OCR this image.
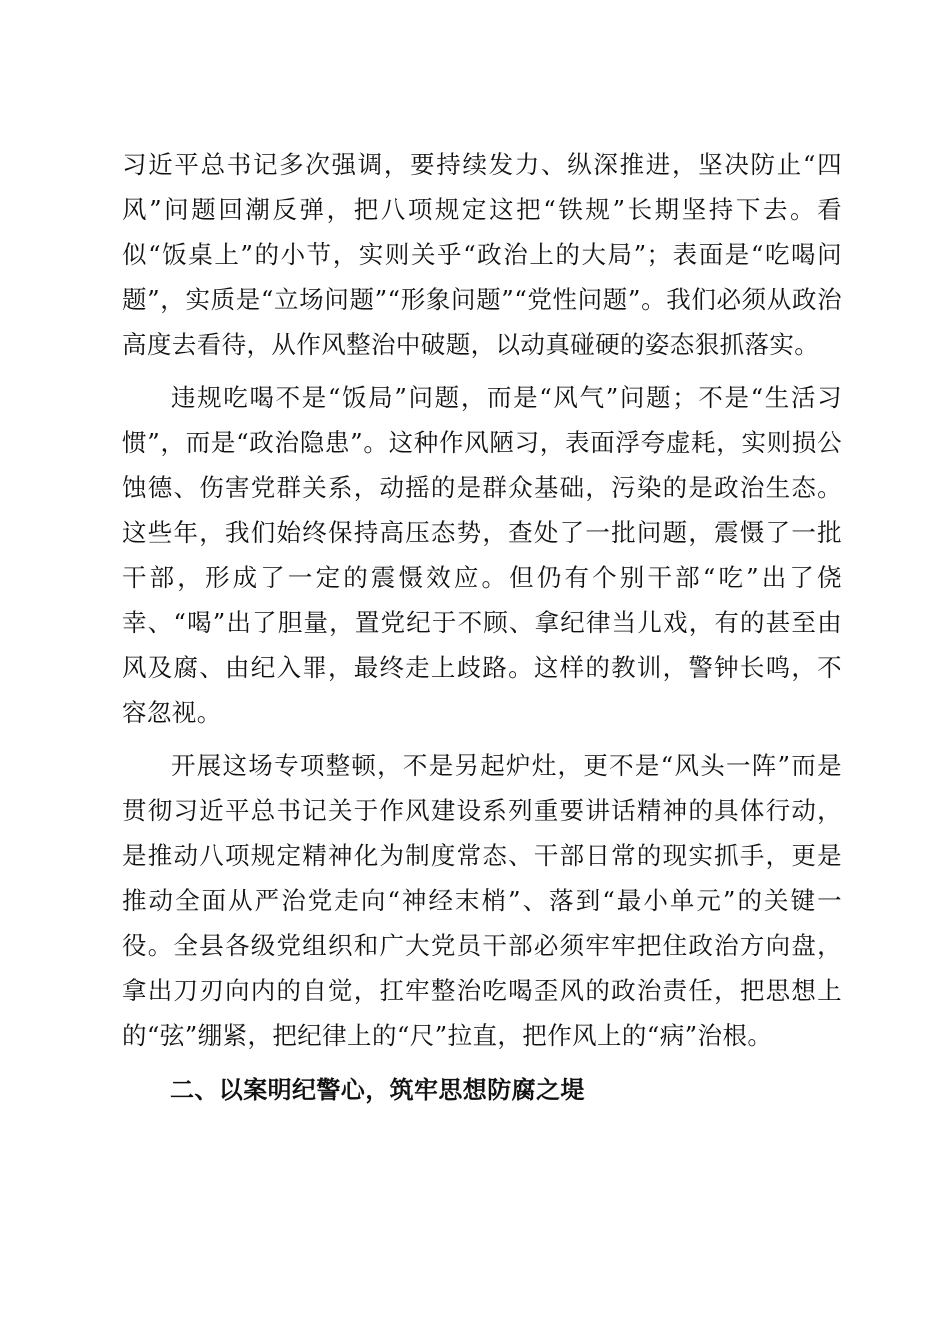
习近平总书记多次强调，要持续发力、纵深推进，坚决防止“四风”问题回潮反弹，把八项规定这把“铁规”长期坚持下去。看似“饭桌上”的小节，实则关乎“政治上的大局”；表面是“吃喝问题”，实质是“立场问题”“形象问题”“党性问题”。我们必须从政治高度去看待，从作风整治中破题，以动真碰硬的姿态狠抓落实。

违规吃喝不是“饭局”问题，而是“风气”问题；不是“生活习惯”，而是“政治隐患”。这种作风陋习，表面浮夸虚耗，实则损公蚀德、伤害党群关系，动摇的是群众基础，污染的是政治生态。这些年，我们始终保持高压态势，查处了一批问题，震慑了一批干部，形成了一定的震慑效应。但仍有个别干部“吃”出了侥幸、“喝”出了胆量，置党纪于不顾、拿纪律当儿戏，有的甚至由风及腐、由纪入罪，最终走上歧路。这样的教训，警钟长鸣，不容忽视。

开展这场专项整顿，不是另起炉灶，更不是“风头一阵”而是贯彻习近平总书记关于作风建设系列重要讲话精神的具体行动，是推动八项规定精神化为制度常态、干部日常的现实抓手，更是推动全面从严治党走向“神经末梢”、落到“最小单元”的关键一役。全县各级党组织和广大党员干部必须牢牢把住政治方向盘，拿出刀刃向内的自觉，扛牢整治吃喝歪风的政治责任，把思想上的“弦”绷紧，把纪律上的“尺”拉直，把作风上的“病”治根。

二、以案明纪警心，筑牢思想防腐之堤
